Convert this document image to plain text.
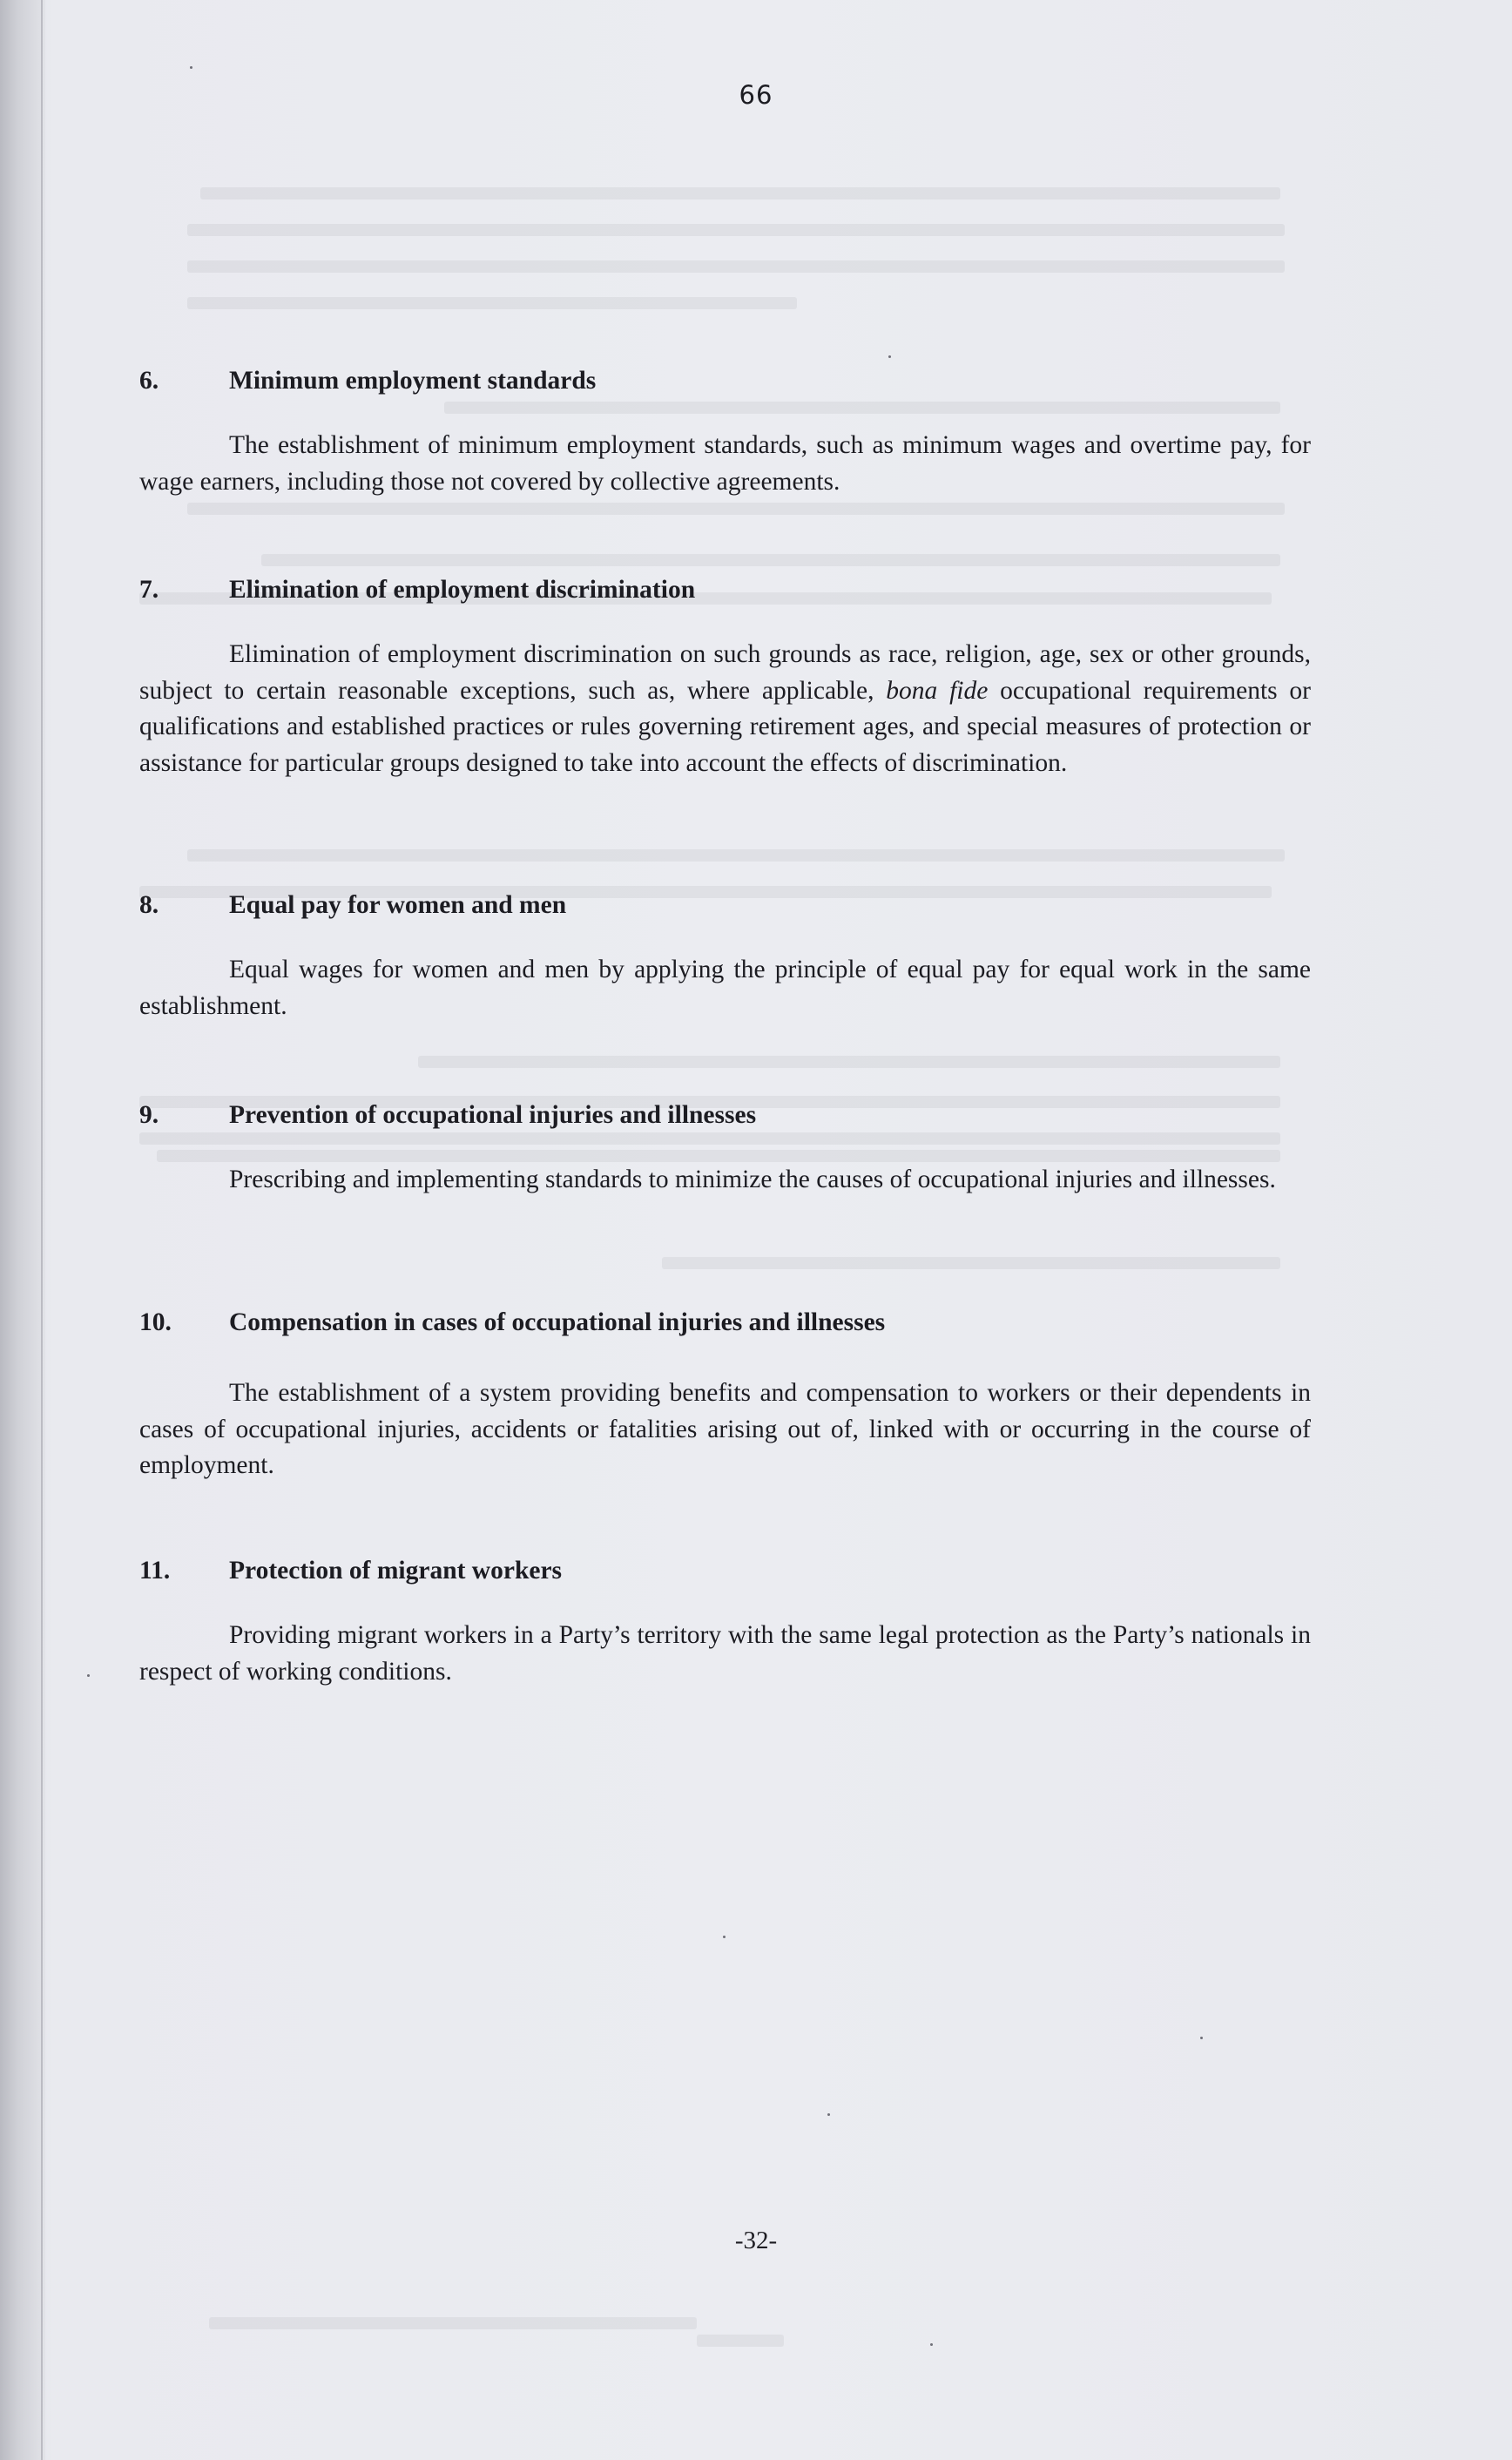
66

6.	Minimum employment standards

The establishment of minimum employment standards, such as minimum wages and overtime pay, for wage earners, including those not covered by collective agreements.

7.	Elimination of employment discrimination

Elimination of employment discrimination on such grounds as race, religion, age, sex or other grounds, subject to certain reasonable exceptions, such as, where applicable, bona fide occupational requirements or qualifications and established practices or rules governing retirement ages, and special measures of protection or assistance for particular groups designed to take into account the effects of discrimination.

8.	Equal pay for women and men

Equal wages for women and men by applying the principle of equal pay for equal work in the same establishment.

9.	Prevention of occupational injuries and illnesses

Prescribing and implementing standards to minimize the causes of occupational injuries and illnesses.

10. Compensation in cases of occupational injuries and illnesses

The establishment of a system providing benefits and compensation to workers or their dependents in cases of occupational injuries, accidents or fatalities arising out of, linked with or occurring in the course of employment.

11. Protection of migrant workers

Providing migrant workers in a Party’s territory with the same legal protection as the Party’s nationals in respect of working conditions.

-32-
